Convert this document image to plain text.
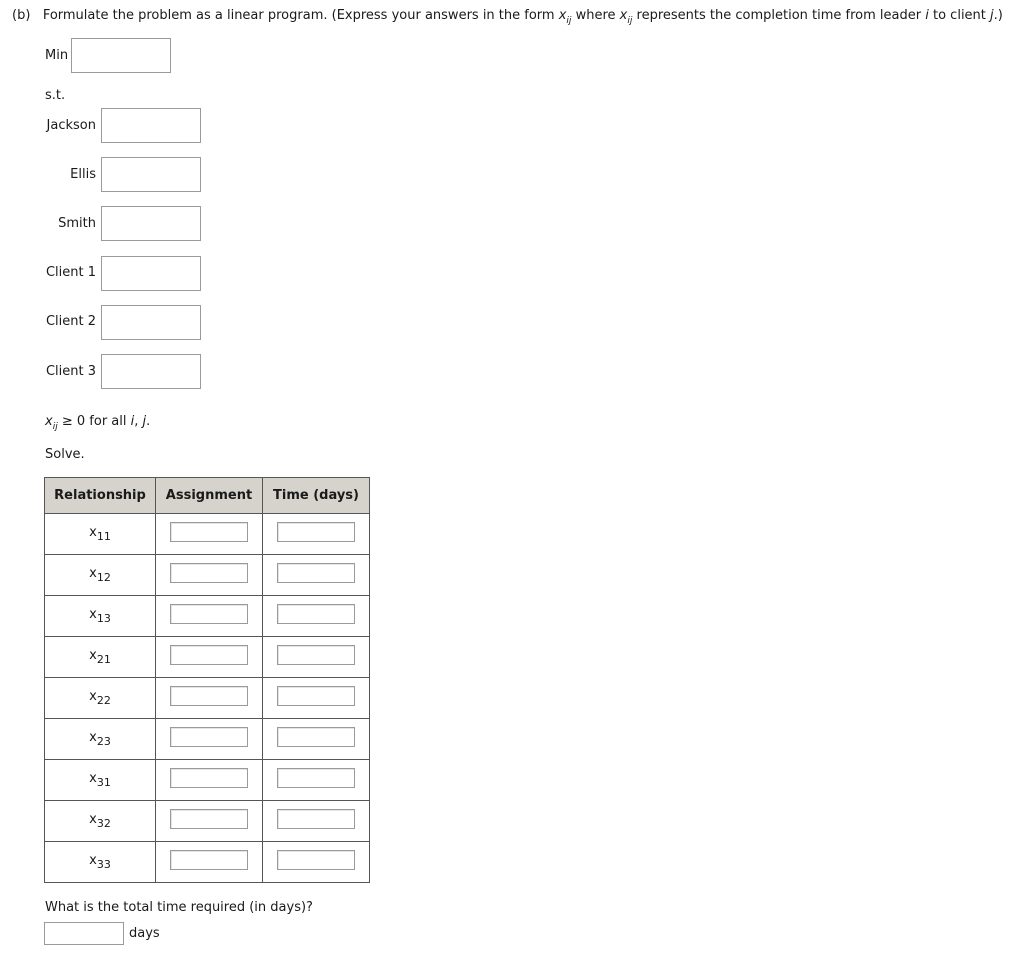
(b) Formulate the problem as a linear program. (Express your answers in the form $x_{ij}$ where $x_{ij}$ represents the completion time from leader i to client j.)
Min
s.t.
Jackson
Ellis
Smith
Client 1
Client 2
Client 3
$x_{ij} \ge 0$ for all i, j.
Solve.
Relationship	Assignment	Time (days)
$x_{11}$		
$x_{12}$		
$x_{13}$		
$x_{21}$		
$x_{22}$		
$x_{23}$		
$x_{31}$		
$x_{32}$		
$x_{33}$		
What is the total time required (in days)?
days
